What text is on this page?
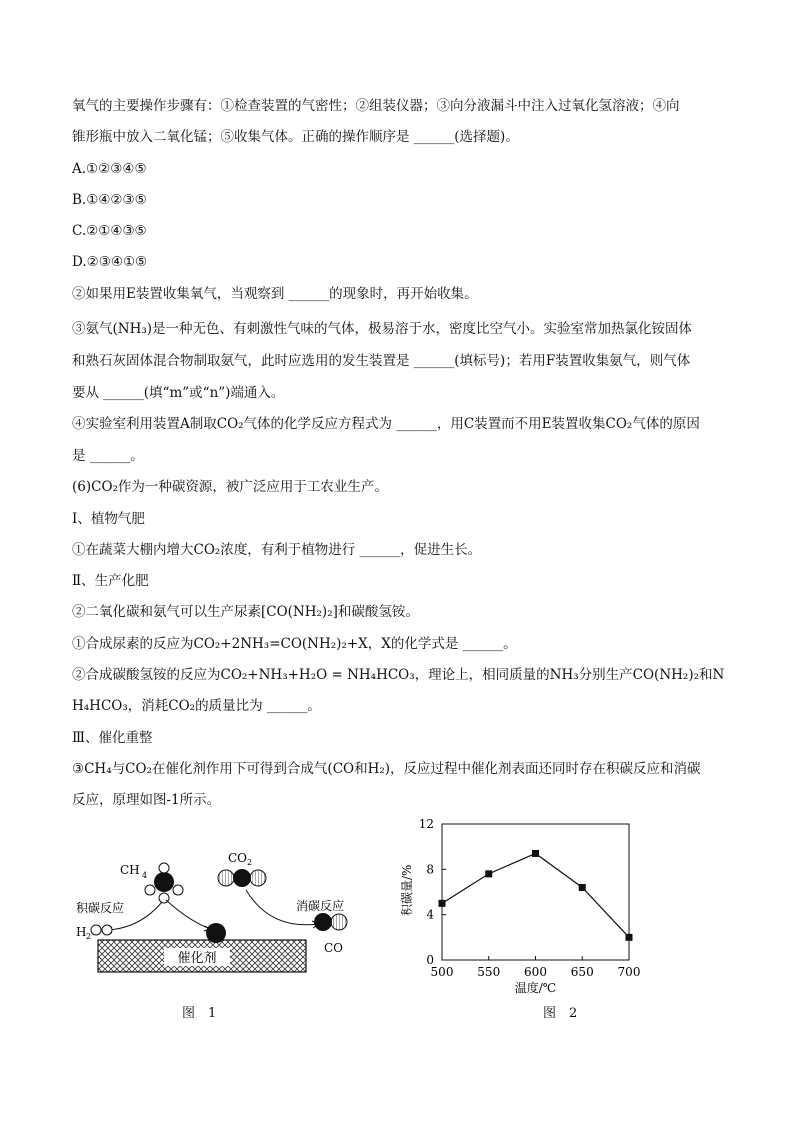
氧气的主要操作步骤有：①检查装置的气密性；②组装仪器；③向分液漏斗中注入过氧化氢溶液；④向
锥形瓶中放入二氧化锰；⑤收集气体。正确的操作顺序是 ______(选择题)。
A.①②③④⑤
B.①④②③⑤
C.②①④③⑤
D.②③④①⑤
②如果用E装置收集氧气，当观察到 ______的现象时，再开始收集。
③氨气(NH₃)是一种无色、有刺激性气味的气体，极易溶于水，密度比空气小。实验室常加热氯化铵固体
和熟石灰固体混合物制取氨气，此时应选用的发生装置是 ______(填标号)；若用F装置收集氨气，则气体
要从 ______(填“m”或“n”)端通入。
④实验室利用装置A制取CO₂气体的化学反应方程式为 ______，用C装置而不用E装置收集CO₂气体的原因
是 ______。
(6)CO₂作为一种碳资源，被广泛应用于工农业生产。
Ⅰ、植物气肥
①在蔬菜大棚内增大CO₂浓度，有利于植物进行 ______，促进生长。
Ⅱ、生产化肥
②二氧化碳和氨气可以生产尿素[CO(NH₂)₂]和碳酸氢铵。
①合成尿素的反应为CO₂+2NH₃=CO(NH₂)₂+X，X的化学式是 ______。
②合成碳酸氢铵的反应为CO₂+NH₃+H₂O = NH₄HCO₃，理论上，相同质量的NH₃分别生产CO(NH₂)₂和N
H₄HCO₃，消耗CO₂的质量比为 ______。
Ⅲ、催化重整
③CH₄与CO₂在催化剂作用下可得到合成气(CO和H₂)，反应过程中催化剂表面还同时存在积碳反应和消碳
反应，原理如图-1所示。
催化剂
CH 4
CO 2
积碳反应
H 2
消碳反应
CO
图　1
0
4
8
12
500 550 600 650 700
积碳量/%
温度/℃
图　2
